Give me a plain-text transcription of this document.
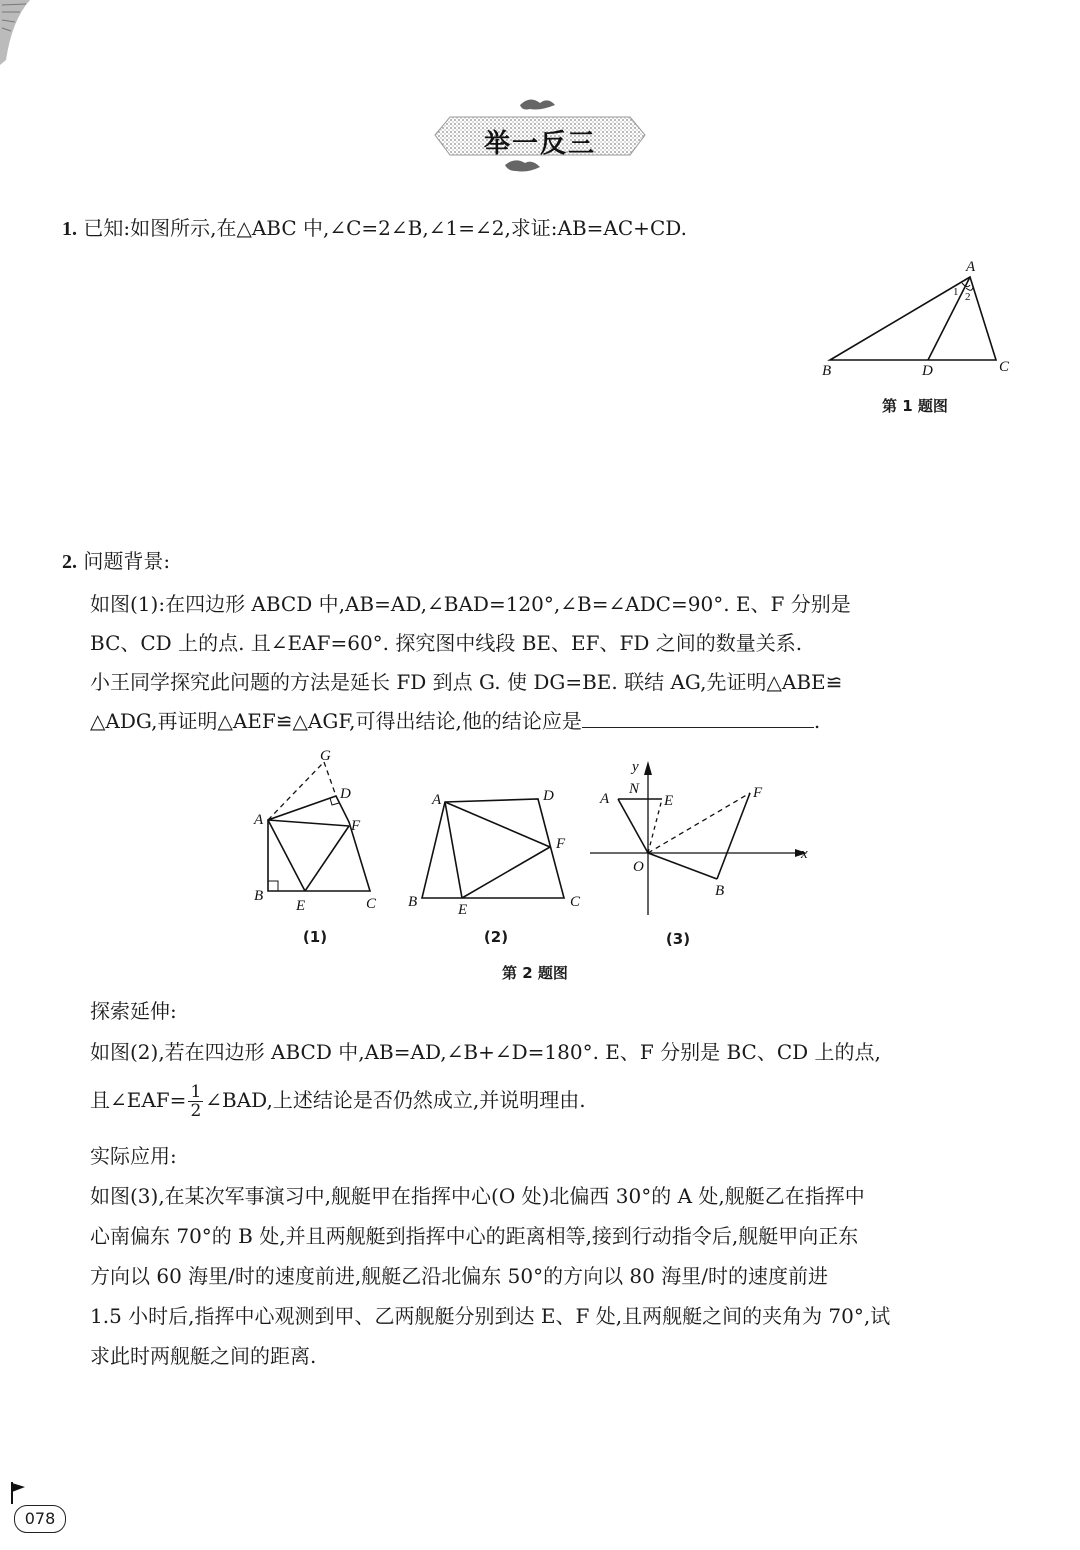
举一反三
1. 已知:如图所示,在△ABC 中,∠C=2∠B,∠1=∠2,求证:AB=AC+CD.
A
B	D	C
1 2
第 1 题图
2. 问题背景:
如图(1):在四边形 ABCD 中,AB=AD,∠BAD=120°,∠B=∠ADC=90°. E、F 分别是
BC、CD 上的点. 且∠EAF=60°. 探究图中线段 BE、EF、FD 之间的数量关系.
小王同学探究此问题的方法是延长 FD 到点 G. 使 DG=BE. 联结 AG,先证明△ABE≌
△ADG,再证明△AEF≌△AGF,可得出结论,他的结论应是	.
G
A
D
F
B
E	C
(1)
A	D
F
B	E	C
(2)
y
x
A
N
E	F
O
B
(3)
第 2 题图
探索延伸:
如图(2),若在四边形 ABCD 中,AB=AD,∠B+∠D=180°. E、F 分别是 BC、CD 上的点,
且∠EAF= $\frac{1}{2}$ ∠BAD,上述结论是否仍然成立,并说明理由.
实际应用:
如图(3),在某次军事演习中,舰艇甲在指挥中心(O 处)北偏西 30°的 A 处,舰艇乙在指挥中
心南偏东 70°的 B 处,并且两舰艇到指挥中心的距离相等,接到行动指令后,舰艇甲向正东
方向以 60 海里/时的速度前进,舰艇乙沿北偏东 50°的方向以 80 海里/时的速度前进
1.5 小时后,指挥中心观测到甲、乙两舰艇分别到达 E、F 处,且两舰艇之间的夹角为 70°,试
求此时两舰艇之间的距离.
078
